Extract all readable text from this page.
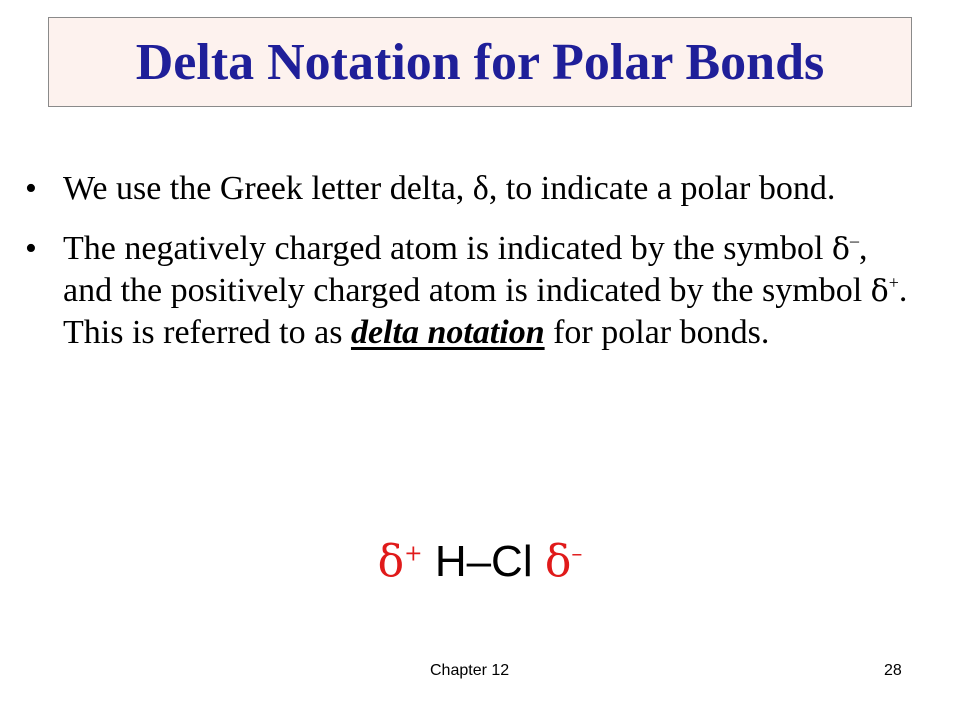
Delta Notation for Polar Bonds
• We use the Greek letter delta, δ, to indicate a polar bond.
• The negatively charged atom is indicated by the symbol δ–, and the positively charged atom is indicated by the symbol δ+. This is referred to as delta notation for polar bonds.
δ+ H–Cl δ–
Chapter 12	28
